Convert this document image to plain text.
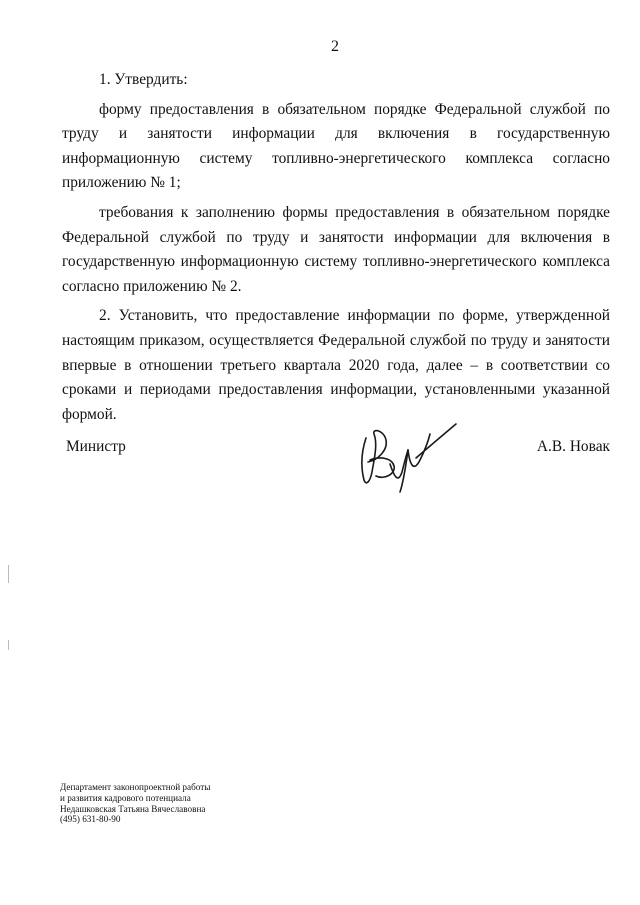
2

1. Утвердить:

форму предоставления в обязательном порядке Федеральной службой по труду и занятости информации для включения в государственную информационную систему топливно-энергетического комплекса согласно приложению № 1;

требования к заполнению формы предоставления в обязательном порядке Федеральной службой по труду и занятости информации для включения в государственную информационную систему топливно-энергетического комплекса согласно приложению № 2.

2. Установить, что предоставление информации по форме, утвержденной настоящим приказом, осуществляется Федеральной службой по труду и занятости впервые в отношении третьего квартала 2020 года, далее – в соответствии со сроками и периодами предоставления информации, установленными указанной формой.

Министр	А.В. Новак
Департамент законопроектной работы
и развития кадрового потенциала
Недашковская Татьяна Вячеславовна
(495) 631-80-90
